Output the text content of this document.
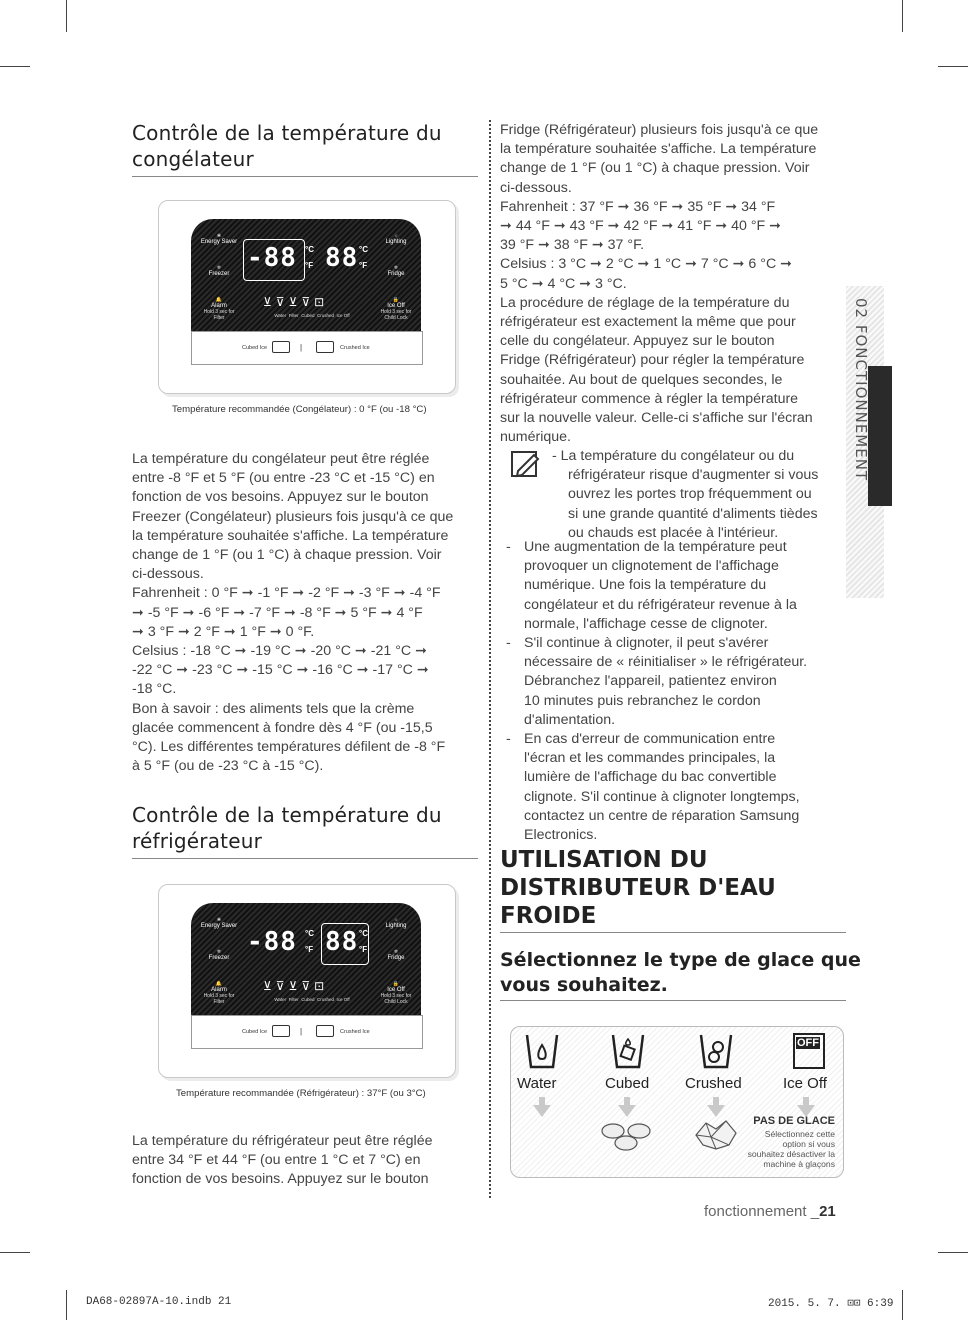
Contrôle de la température du
congélateur
❀
Energy Saver
❄
Freezer
🔔
Alarm
Hold 3 sec for Filter
-88 °C
°F 88 °C
°F
☼
Lighting
❄
Fridge
🔒
Ice Off
Hold 3 sec for Child Lock
⊻⊽⊻⊽⊡
Water Filter Cubed Crushed Ice Off
Cubed Ice	|	Crushed Ice
Température recommandée (Congélateur) : 0 °F (ou -18 °C)
La température du congélateur peut être réglée
entre -8 °F et 5 °F (ou entre -23 °C et -15 °C) en
fonction de vos besoins. Appuyez sur le bouton
Freezer (Congélateur) plusieurs fois jusqu'à ce que
la température souhaitée s'affiche. La température
change de 1 °F (ou 1 °C) à chaque pression. Voir
ci-dessous.
Fahrenheit : 0 °F ➞ -1 °F ➞ -2 °F ➞ -3 °F ➞ -4 °F
➞ -5 °F ➞ -6 °F ➞ -7 °F ➞ -8 °F ➞ 5 °F ➞ 4 °F
➞ 3 °F ➞ 2 °F ➞ 1 °F ➞ 0 °F.
Celsius : -18 °C ➞ -19 °C ➞ -20 °C ➞ -21 °C ➞
-22 °C ➞ -23 °C ➞ -15 °C ➞ -16 °C ➞ -17 °C ➞
-18 °C.
Bon à savoir : des aliments tels que la crème
glacée commencent à fondre dès 4 °F (ou -15,5
°C). Les différentes températures défilent de -8 °F
à 5 °F (ou de -23 °C à -15 °C).
Contrôle de la température du
réfrigérateur
❀
Energy Saver
❄
Freezer
🔔
Alarm
Hold 3 sec for Filter
-88 °C
°F 88 °C
°F
☼
Lighting
❄
Fridge
🔒
Ice Off
Hold 3 sec for Child Lock
⊻⊽⊻⊽⊡
Water Filter Cubed Crushed Ice Off
Cubed Ice	|	Crushed Ice
Température recommandée (Réfrigérateur) : 37°F (ou 3°C)
La température du réfrigérateur peut être réglée
entre 34 °F et 44 °F (ou entre 1 °C et 7 °C) en
fonction de vos besoins. Appuyez sur le bouton
Fridge (Réfrigérateur) plusieurs fois jusqu'à ce que
la température souhaitée s'affiche. La température
change de 1 °F (ou 1 °C) à chaque pression. Voir
ci-dessous.
Fahrenheit : 37 °F ➞ 36 °F ➞ 35 °F ➞ 34 °F
➞ 44 °F ➞ 43 °F ➞ 42 °F ➞ 41 °F ➞ 40 °F ➞
39 °F ➞ 38 °F ➞ 37 °F.
Celsius : 3 °C ➞ 2 °C ➞ 1 °C ➞ 7 °C ➞ 6 °C ➞
5 °C ➞ 4 °C ➞ 3 °C.
La procédure de réglage de la température du
réfrigérateur est exactement la même que pour
celle du congélateur. Appuyez sur le bouton
Fridge (Réfrigérateur) pour régler la température
souhaitée. Au bout de quelques secondes, le
réfrigérateur commence à régler la température
sur la nouvelle valeur. Celle-ci s'affiche sur l'écran
numérique.
- La température du congélateur ou du
réfrigérateur risque d'augmenter si vous
ouvrez les portes trop fréquemment ou
si une grande quantité d'aliments tièdes
ou chauds est placée à l'intérieur.
- Une augmentation de la température peut
provoquer un clignotement de l'affichage
numérique. Une fois la température du
congélateur et du réfrigérateur revenue à la
normale, l'affichage cesse de clignoter.
- S'il continue à clignoter, il peut s'avérer
nécessaire de « réinitialiser » le réfrigérateur.
Débranchez l'appareil, patientez environ
10 minutes puis rebranchez le cordon
d'alimentation.
- En cas d'erreur de communication entre
l'écran et les commandes principales, la
lumière de l'affichage du bac convertible
clignote. S'il continue à clignoter longtemps,
contactez un centre de réparation Samsung
Electronics.
UTILISATION DU
DISTRIBUTEUR D'EAU
FROIDE
Sélectionnez le type de glace que
vous souhaitez.
OFF
Water	Cubed Crushed	Ice Off
PAS DE GLACE
Sélectionnez cette
option si vous
souhaitez désactiver la
machine à glaçons
02 FONCTIONNEMENT
fonctionnement _21
DA68-02897A-10.indb 21	2015. 5. 7. ⊡⊡ 6:39
